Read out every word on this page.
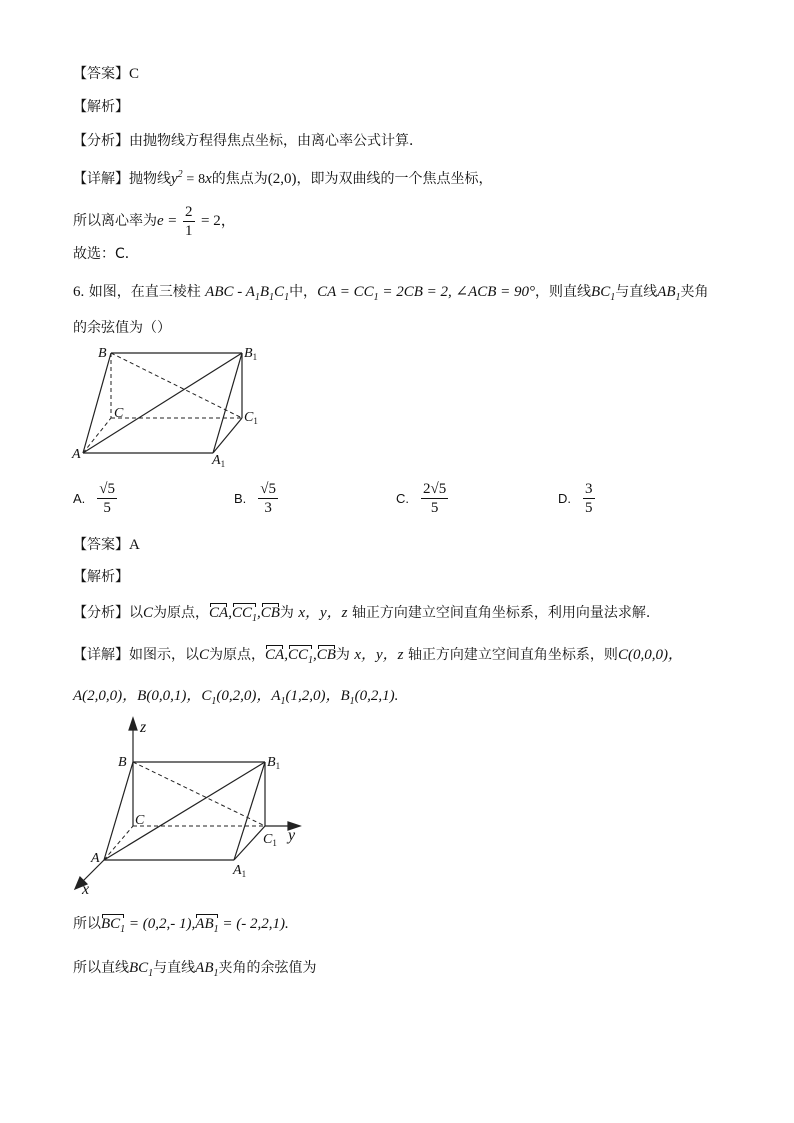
【答案】C
【解析】
【分析】由抛物线方程得焦点坐标，由离心率公式计算．
【详解】抛物线$y^2 = 8x$的焦点为(2,0)，即为双曲线的一个焦点坐标，
所以离心率为$e = \frac{2}{1} = 2$，
故选：C．
6. 如图，在直三棱柱 ABC - $A_1B_1C_1$中，CA = $CC_1 = 2CB = 2$, ∠ACB = 90°，则直线$BC_1$与直线$AB_1$夹角
的余弦值为（）
B	$B_1$
C	$C_1$
A	$A_1$
A. $\frac{√5}{5}$	B. $\frac{√5}{3}$	C. $\frac{2√5}{5}$	D. $\frac{3}{5}$
【答案】A
【解析】
【分析】以C为原点，$CA,CC_1,CB$为 x，y，z 轴正方向建立空间直角坐标系，利用向量法求解.
【详解】如图示，以C为原点，$CA,CC_1,CB$为 x，y，z 轴正方向建立空间直角坐标系，则C(0,0,0)，
A(2,0,0)，B(0,0,1)，$C_1(0,2,0)$，$A_1(1,2,0)$，$B_1(0,2,1)$.
z
y
x
B	$B_1$
C
$C_1$
A
$A_1$
所以$BC_1 = (0,2,-$ $1),AB_1$ = (- 2,2,1).
所以直线$BC_1$与直线$AB_1$夹角的余弦值为
